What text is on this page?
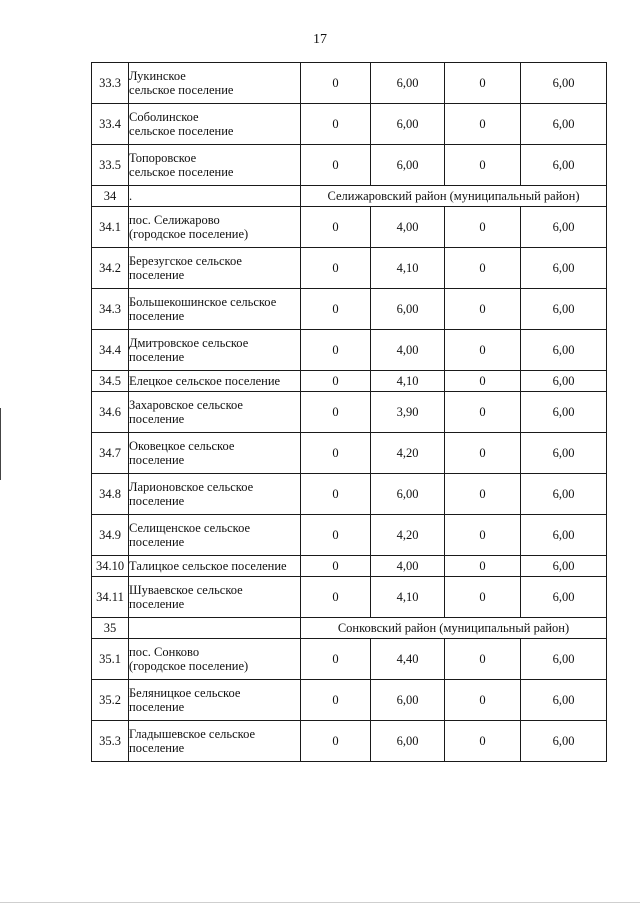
17
33.3	Лукинское
сельское поселение	0	6,00	0	6,00
33.4	Соболинское
сельское поселение	0	6,00	0	6,00
33.5	Топоровское
сельское поселение	0	6,00	0	6,00
34	.	Селижаровский район (муниципальный район)			
34.1	пос. Селижарово
(городское поселение)	0	4,00	0	6,00
34.2	Березугское сельское
поселение	0	4,10	0	6,00
34.3	Большекошинское сельское
поселение	0	6,00	0	6,00
34.4	Дмитровское сельское
поселение	0	4,00	0	6,00
34.5	Елецкое сельское поселение	0	4,10	0	6,00
34.6	Захаровское сельское
поселение	0	3,90	0	6,00
34.7	Оковецкое сельское
поселение	0	4,20	0	6,00
34.8	Ларионовское сельское
поселение	0	6,00	0	6,00
34.9	Селищенское сельское
поселение	0	4,20	0	6,00
34.10	Талицкое сельское поселение	0	4,00	0	6,00
34.11	Шуваевское сельское
поселение	0	4,10	0	6,00
35		Сонковский район (муниципальный район)			
35.1	пос. Сонково
(городское поселение)	0	4,40	0	6,00
35.2	Беляницкое сельское
поселение	0	6,00	0	6,00
35.3	Гладышевское сельское
поселение	0	6,00	0	6,00
